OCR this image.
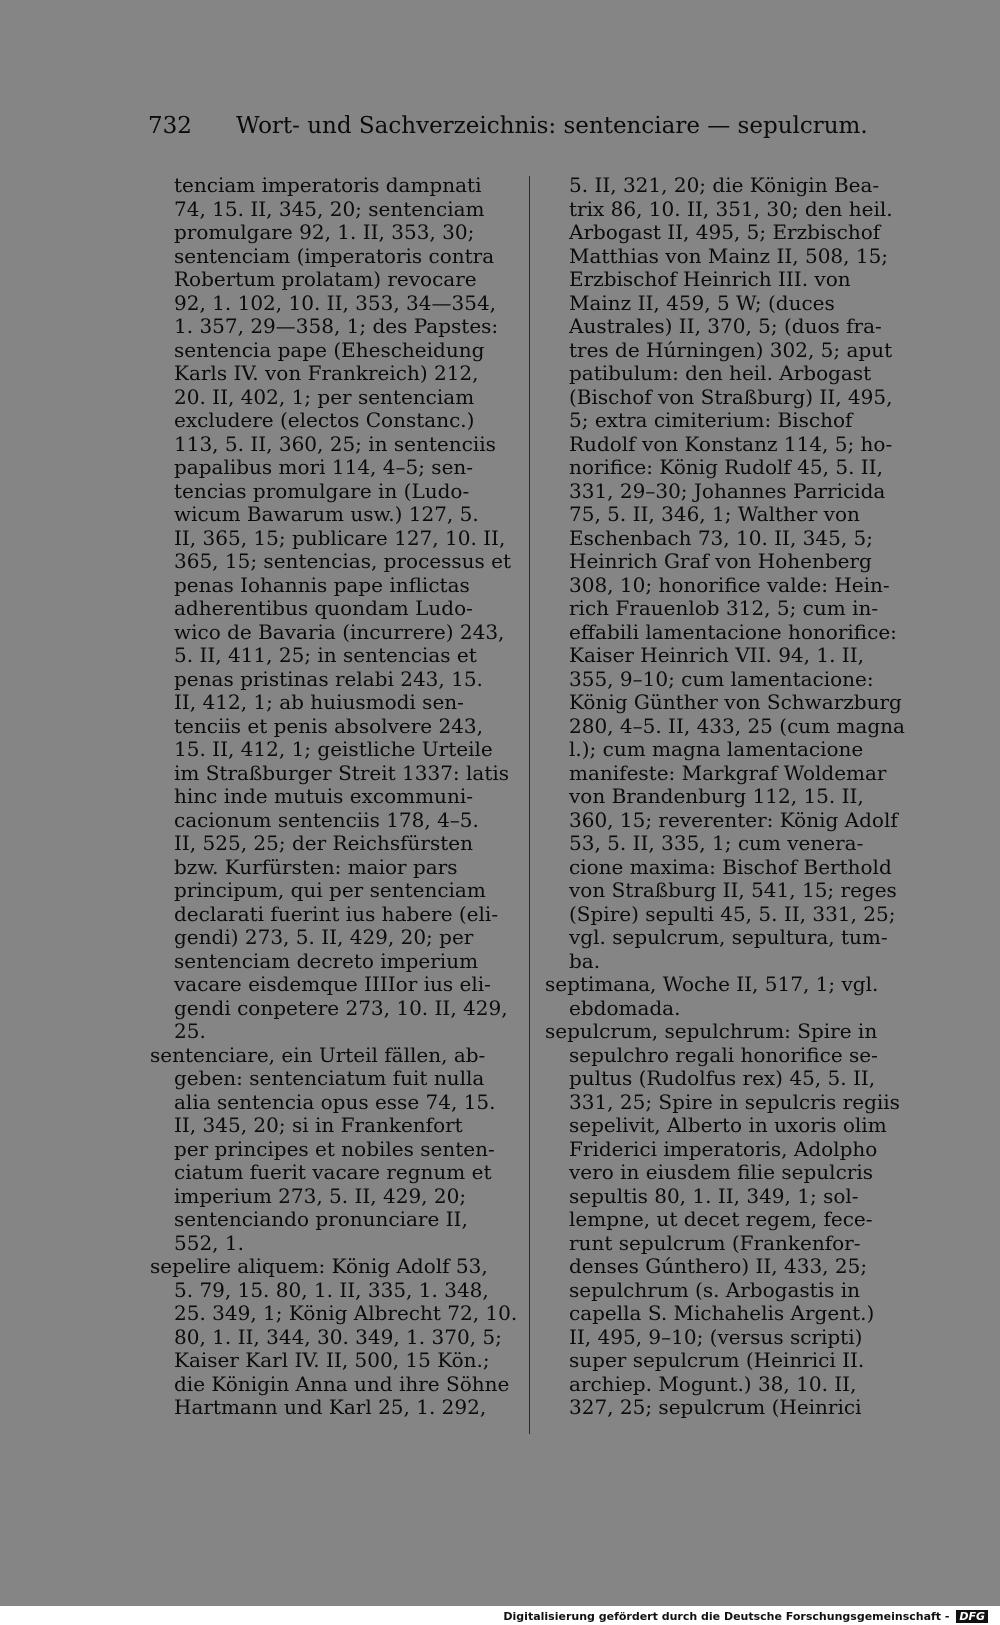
732 Wort- und Sachverzeichnis: sentenciare — sepulcrum.
tenciam imperatoris dampnati
74, 15. II, 345, 20; sentenciam
promulgare 92, 1. II, 353, 30;
sentenciam (imperatoris contra
Robertum prolatam) revocare
92, 1. 102, 10. II, 353, 34—354,
1. 357, 29—358, 1; des Papstes:
sentencia pape (Ehescheidung
Karls IV. von Frankreich) 212,
20. II, 402, 1; per sentenciam
excludere (electos Constanc.)
113, 5. II, 360, 25; in sentenciis
papalibus mori 114, 4–5; sen-
tencias promulgare in (Ludo-
wicum Bawarum usw.) 127, 5.
II, 365, 15; publicare 127, 10. II,
365, 15; sentencias, processus et
penas Iohannis pape inflictas
adherentibus quondam Ludo-
wico de Bavaria (incurrere) 243,
5. II, 411, 25; in sentencias et
penas pristinas relabi 243, 15.
II, 412, 1; ab huiusmodi sen-
tenciis et penis absolvere 243,
15. II, 412, 1; geistliche Urteile
im Straßburger Streit 1337: latis
hinc inde mutuis excommuni-
cacionum sentenciis 178, 4–5.
II, 525, 25; der Reichsfürsten
bzw. Kurfürsten: maior pars
principum, qui per sentenciam
declarati fuerint ius habere (eli-
gendi) 273, 5. II, 429, 20; per
sentenciam decreto imperium
vacare eisdemque IIIIor ius eli-
gendi conpetere 273, 10. II, 429,
25.
sentenciare, ein Urteil fällen, ab-
geben: sentenciatum fuit nulla
alia sentencia opus esse 74, 15.
II, 345, 20; si in Frankenfort
per principes et nobiles senten-
ciatum fuerit vacare regnum et
imperium 273, 5. II, 429, 20;
sentenciando pronunciare II,
552, 1.
sepelire aliquem: König Adolf 53,
5. 79, 15. 80, 1. II, 335, 1. 348,
25. 349, 1; König Albrecht 72, 10.
80, 1. II, 344, 30. 349, 1. 370, 5;
Kaiser Karl IV. II, 500, 15 Kön.;
die Königin Anna und ihre Söhne
Hartmann und Karl 25, 1. 292,
5. II, 321, 20; die Königin Bea-
trix 86, 10. II, 351, 30; den heil.
Arbogast II, 495, 5; Erzbischof
Matthias von Mainz II, 508, 15;
Erzbischof Heinrich III. von
Mainz II, 459, 5 W; (duces
Australes) II, 370, 5; (duos fra-
tres de Húrningen) 302, 5; aput
patibulum: den heil. Arbogast
(Bischof von Straßburg) II, 495,
5; extra cimiterium: Bischof
Rudolf von Konstanz 114, 5; ho-
norifice: König Rudolf 45, 5. II,
331, 29–30; Johannes Parricida
75, 5. II, 346, 1; Walther von
Eschenbach 73, 10. II, 345, 5;
Heinrich Graf von Hohenberg
308, 10; honorifice valde: Hein-
rich Frauenlob 312, 5; cum in-
effabili lamentacione honorifice:
Kaiser Heinrich VII. 94, 1. II,
355, 9–10; cum lamentacione:
König Günther von Schwarzburg
280, 4–5. II, 433, 25 (cum magna
l.); cum magna lamentacione
manifeste: Markgraf Woldemar
von Brandenburg 112, 15. II,
360, 15; reverenter: König Adolf
53, 5. II, 335, 1; cum venera-
cione maxima: Bischof Berthold
von Straßburg II, 541, 15; reges
(Spire) sepulti 45, 5. II, 331, 25;
vgl. sepulcrum, sepultura, tum-
ba.
septimana, Woche II, 517, 1; vgl.
ebdomada.
sepulcrum, sepulchrum: Spire in
sepulchro regali honorifice se-
pultus (Rudolfus rex) 45, 5. II,
331, 25; Spire in sepulcris regiis
sepelivit, Alberto in uxoris olim
Friderici imperatoris, Adolpho
vero in eiusdem filie sepulcris
sepultis 80, 1. II, 349, 1; sol-
lempne, ut decet regem, fece-
runt sepulcrum (Frankenfor-
denses Gúnthero) II, 433, 25;
sepulchrum (s. Arbogastis in
capella S. Michahelis Argent.)
II, 495, 9–10; (versus scripti)
super sepulcrum (Heinrici II.
archiep. Mogunt.) 38, 10. II,
327, 25; sepulcrum (Heinrici
Digitalisierung gefördert durch die Deutsche Forschungsgemeinschaft - DFG
